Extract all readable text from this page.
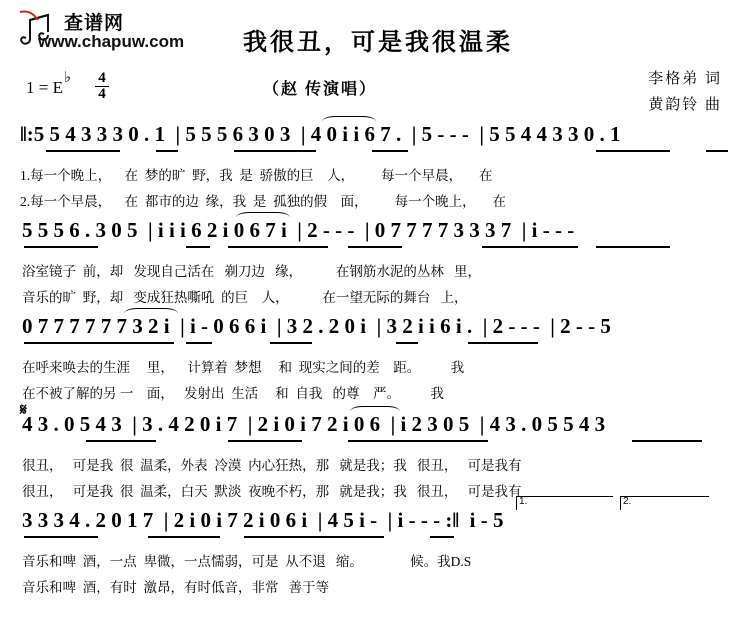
查谱网
www.chapuw.com	我很丑，可是我很温柔
（赵 传演唱）
李格弟 词
黄韵铃 曲
♭
1 = E	4
4

‖:5 5 4 3 3 3 0 . 1  | 5 5 5 6 3 0 3  | 4 0 i i 6 7 .  | 5 - - -  | 5 5 4 4 3 3 0 . 1

1.每一个晚上，    在  梦的旷  野，我  是  骄傲的巨    人，        每一个早晨，     在

2.每一个早晨，    在  都市的边  缘，我  是  孤独的假    面，        每一个晚上，     在

5 5 5 6 . 3 0 5  | i i i 6 2 i 0 6 7 i  | 2 - - -  | 0 7 7 7 7 3 3 3 7  | i - - -

浴室镜子  前，却   发现自己活在   剃刀边   缘，          在钢筋水泥的丛林   里，

音乐的旷  野，却   变成狂热嘶吼  的巨    人，          在一望无际的舞台   上，

0 7 7 7 7 7 7 3 2 i  | i - 0 6 6 i  | 3 2 . 2 0 i  | 3 2 i i 6 i .  | 2 - - -  | 2 - - 5

在呼来唤去的生涯     里，    计算着  梦想     和  现实之间的差    距。         我

在不被了解的另 一    面，   发射出  生活     和  自我   的尊    严。         我

𝄋

4 3 . 0 5 4 3  | 3 . 4 2 0 i 7  | 2 i 0 i 7 2 i 0 6  | i 2 3 0 5  | 4 3 . 0 5 5 4 3

很丑，   可是我  很  温柔，外表  冷漠  内心狂热，那   就是我；我   很丑，   可是我有

很丑，   可是我  很  温柔，白天  默淡  夜晚不朽，那   就是我；我   很丑，   可是我有

1.	2.

3 3 3 4 . 2 0 1 7  | 2 i 0 i 7 2 i 0 6 i  | 4 5 i -  | i - - - :‖  i - 5

音乐和啤  酒，一点  卑微，一点懦弱，可是  从不退   缩。              候。我D.S

音乐和啤  酒，有时  激昂，有时低音，非常   善于等
